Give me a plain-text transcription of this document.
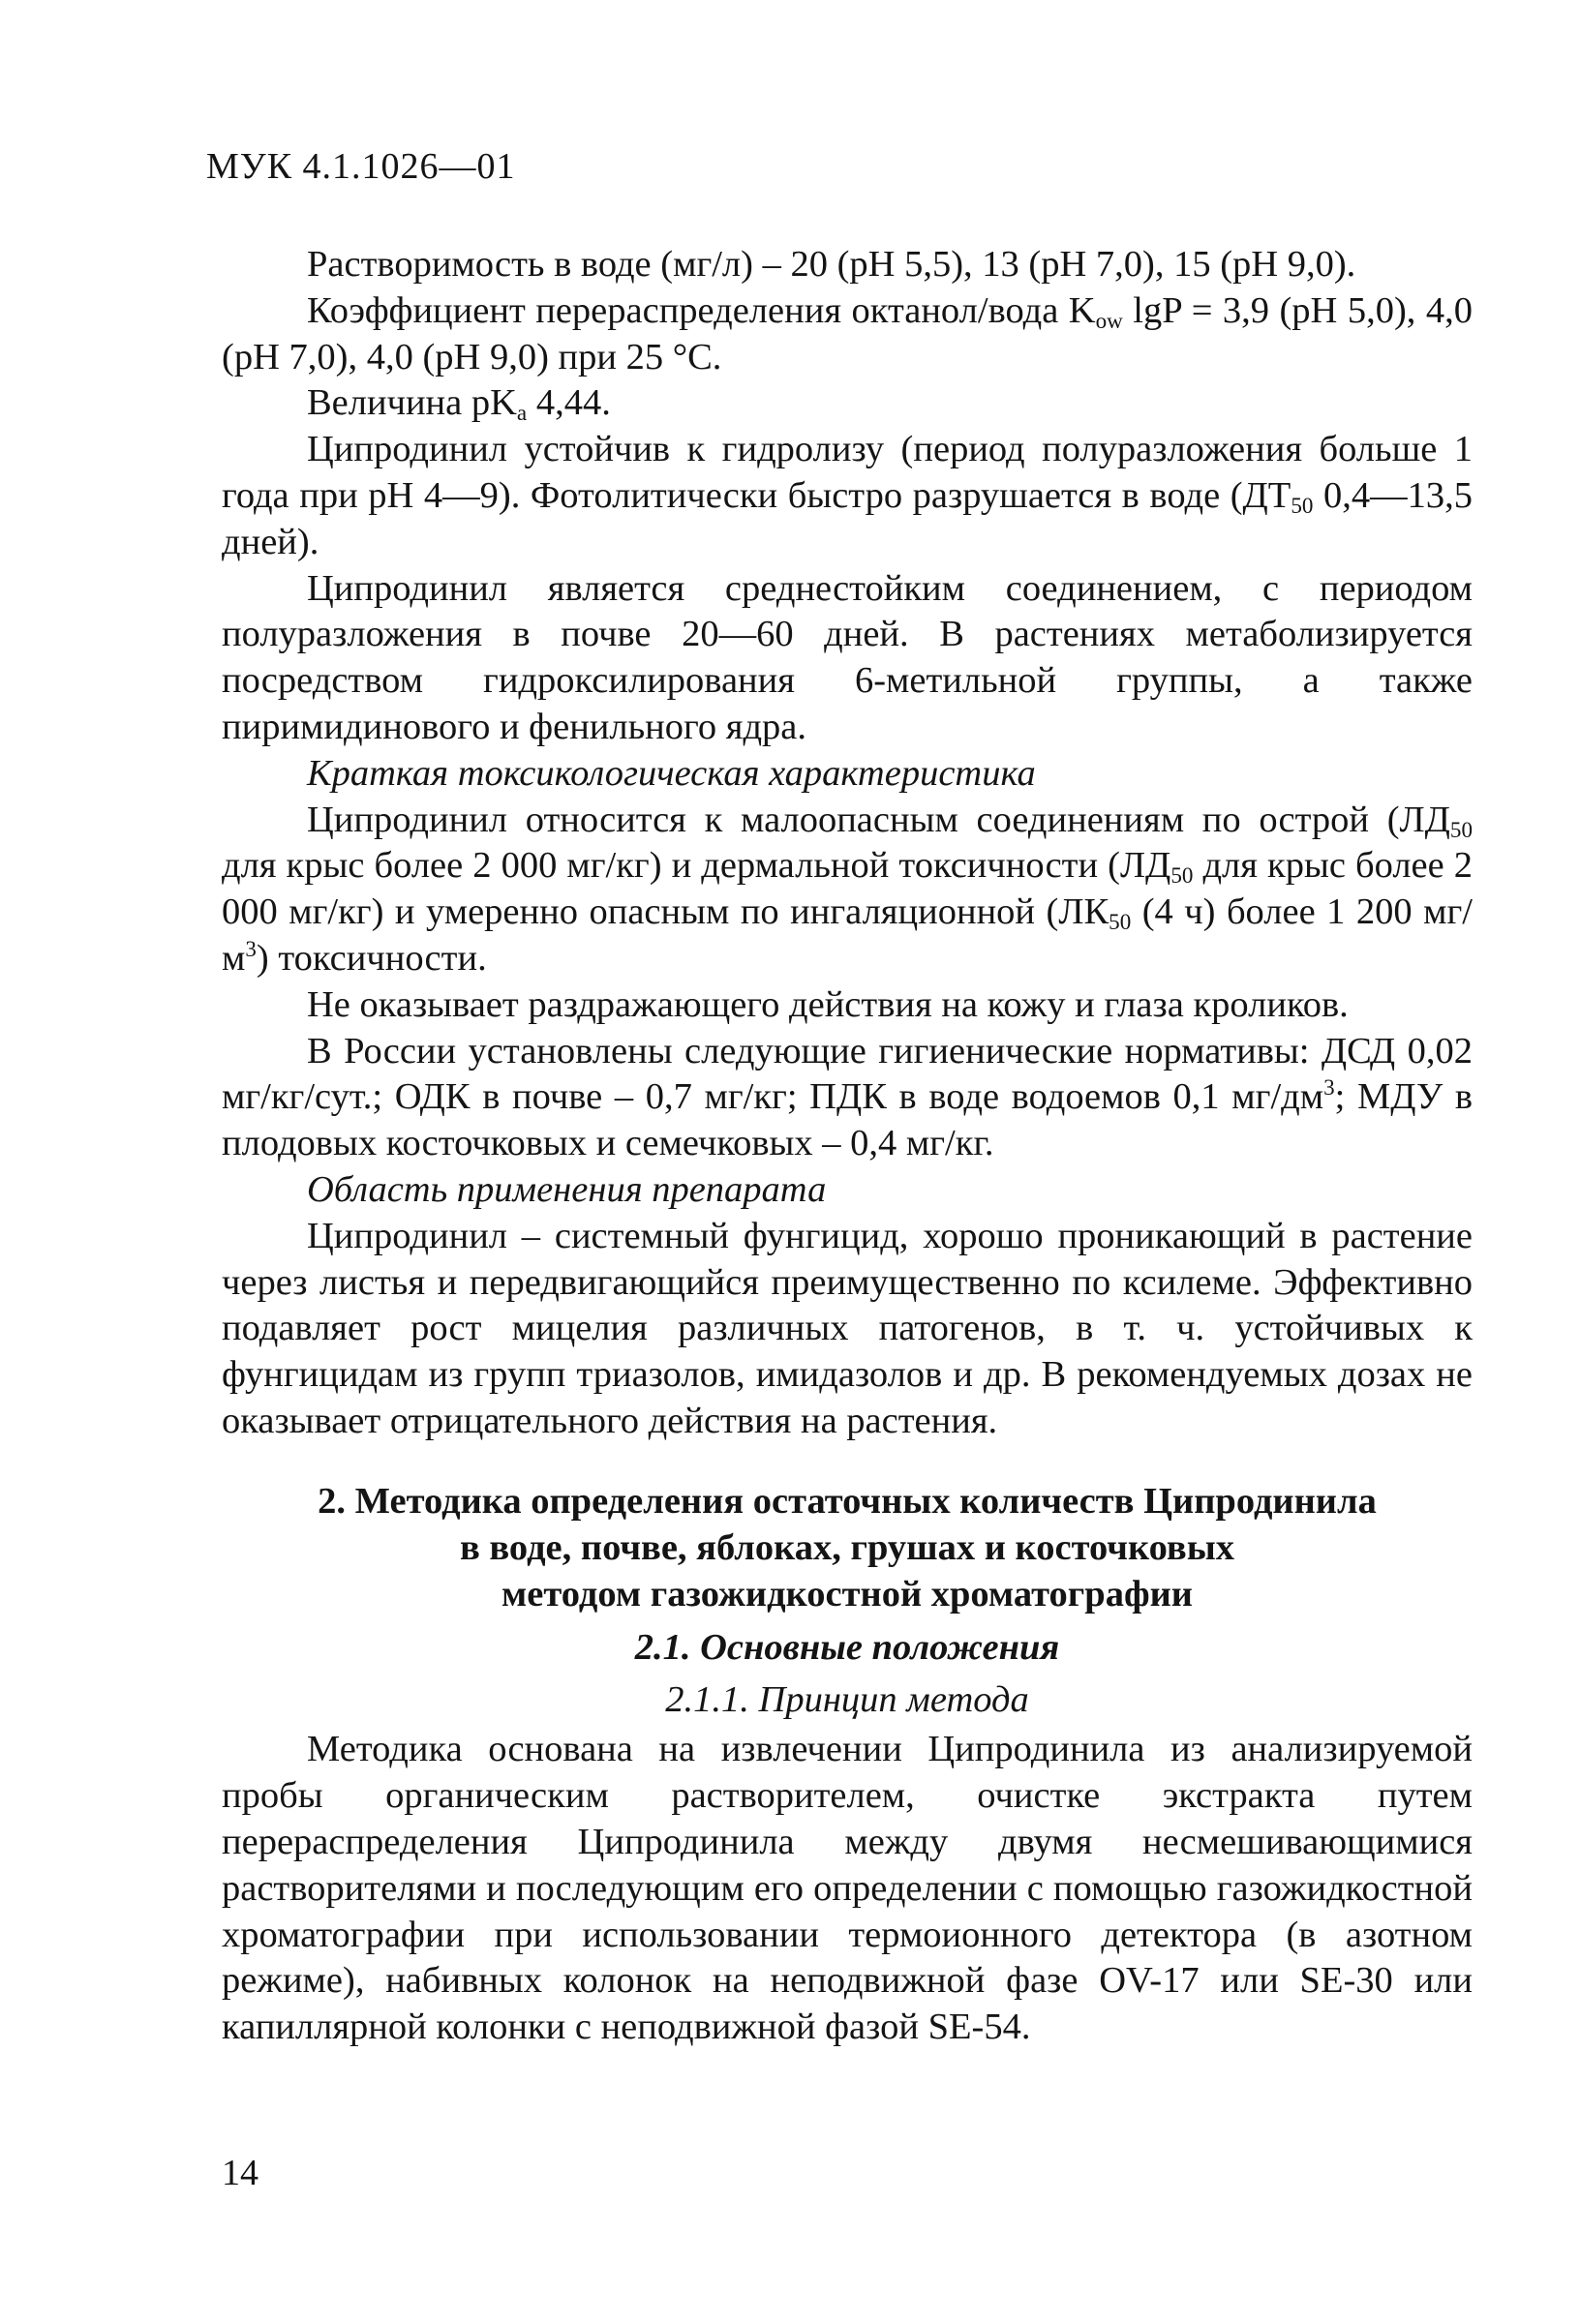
МУК 4.1.1026—01

Растворимость в воде (мг/л) – 20 (pH 5,5), 13 (pH 7,0), 15 (pH 9,0).

Коэффициент перераспределения октанол/вода $K_{ow}$ lgP = 3,9 (pH 5,0), 4,0 (pH 7,0), 4,0 (pH 9,0) при 25 °C.

Величина $pK_a$ 4,44.

Ципродинил устойчив к гидролизу (период полуразложения больше 1 года при pH 4—9). Фотолитически быстро разрушается в воде ($ДТ_{50}$ 0,4—13,5 дней).

Ципродинил является среднестойким соединением, с периодом полуразложения в почве 20—60 дней. В растениях метаболизируется посредством гидроксилирования 6-метильной группы, а также пиримидинового и фенильного ядра.

Краткая токсикологическая характеристика

Ципродинил относится к малоопасным соединениям по острой ($ЛД_{50}$ для крыс более 2 000 мг/кг) и дермальной токсичности ($ЛД_{50}$ для крыс более 2 000 мг/кг) и умеренно опасным по ингаляционной ($ЛК_{50}$ (4 ч) более 1 200 $мг/м^3$) токсичности.

Не оказывает раздражающего действия на кожу и глаза кроликов.

В России установлены следующие гигиенические нормативы: ДСД 0,02 мг/кг/сут.; ОДК в почве – 0,7 мг/кг; ПДК в воде водоемов 0,1 $мг/дм^3$; МДУ в плодовых косточковых и семечковых – 0,4 мг/кг.

Область применения препарата

Ципродинил – системный фунгицид, хорошо проникающий в растение через листья и передвигающийся преимущественно по ксилеме. Эффективно подавляет рост мицелия различных патогенов, в т. ч. устойчивых к фунгицидам из групп триазолов, имидазолов и др. В рекомендуемых дозах не оказывает отрицательного действия на растения.

2. Методика определения остаточных количеств Ципродинила
в воде, почве, яблоках, грушах и косточковых
методом газожидкостной хроматографии

2.1. Основные положения

2.1.1. Принцип метода

Методика основана на извлечении Ципродинила из анализируемой пробы органическим растворителем, очистке экстракта путем перераспределения Ципродинила между двумя несмешивающимися растворителями и последующим его определении с помощью газожидкостной хроматографии при использовании термоионного детектора (в азотном режиме), набивных колонок на неподвижной фазе OV-17 или SE-30 или капиллярной колонки с неподвижной фазой SE-54.

14
